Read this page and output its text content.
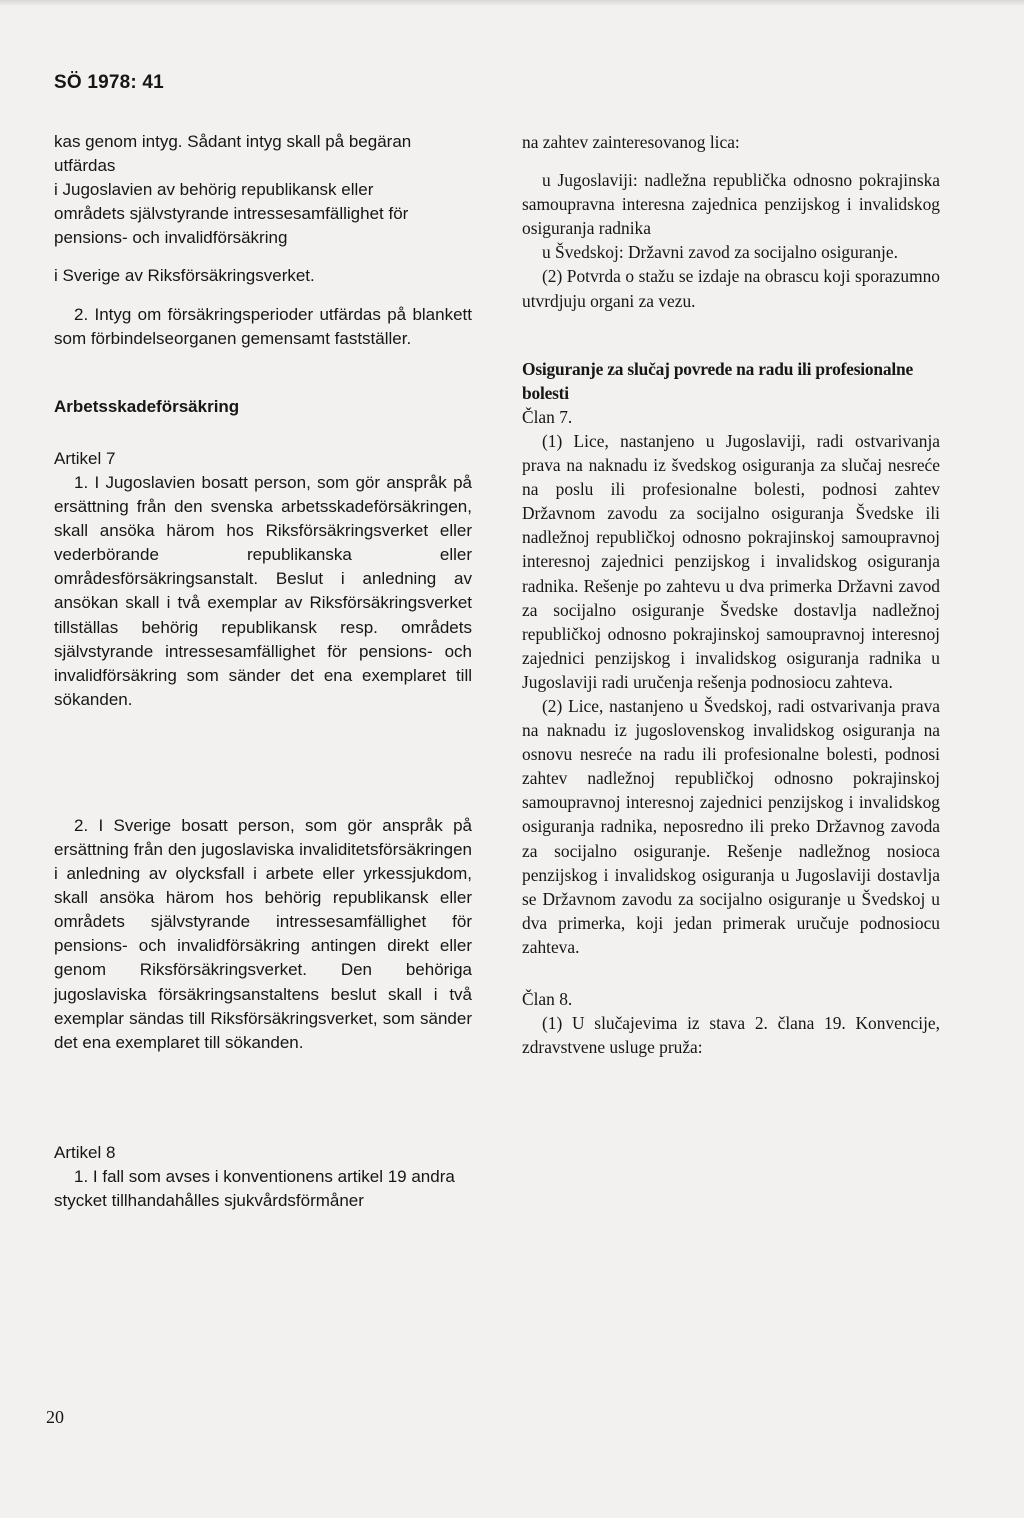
SÖ 1978: 41

kas genom intyg. Sådant intyg skall på begäran utfärdas

i Jugoslavien av behörig republikansk eller områdets självstyrande intressesamfällighet för pensions- och invalidförsäkring

i Sverige av Riksförsäkringsverket.

2. Intyg om försäkringsperioder utfärdas på blankett som förbindelseorganen gemensamt fastställer.

Arbetsskadeförsäkring

Artikel 7

1. I Jugoslavien bosatt person, som gör anspråk på ersättning från den svenska arbetsskadeförsäkringen, skall ansöka härom hos Riksförsäkringsverket eller vederbörande republikanska eller områdesförsäkringsanstalt. Beslut i anledning av ansökan skall i två exemplar av Riksförsäkringsverket tillställas behörig republikansk resp. områdets självstyrande intressesamfällighet för pensions- och invalidförsäkring som sänder det ena exemplaret till sökanden.

2. I Sverige bosatt person, som gör anspråk på ersättning från den jugoslaviska invaliditetsförsäkringen i anledning av olycksfall i arbete eller yrkessjukdom, skall ansöka härom hos behörig republikansk eller områdets självstyrande intressesamfällighet för pensions- och invalidförsäkring antingen direkt eller genom Riksförsäkringsverket. Den behöriga jugoslaviska försäkringsanstaltens beslut skall i två exemplar sändas till Riksförsäkringsverket, som sänder det ena exemplaret till sökanden.

Artikel 8

1. I fall som avses i konventionens artikel 19 andra stycket tillhandahålles sjukvårdsförmåner

na zahtev zainteresovanog lica:

u Jugoslaviji: nadležna republička odnosno pokrajinska samoupravna interesna zajednica penzijskog i invalidskog osiguranja radnika

u Švedskoj: Državni zavod za socijalno osiguranje.

(2) Potvrda o stažu se izdaje na obrascu koji sporazumno utvrdjuju organi za vezu.

Osiguranje za slučaj povrede na radu ili profesionalne bolesti

Član 7.

(1) Lice, nastanjeno u Jugoslaviji, radi ostvarivanja prava na naknadu iz švedskog osiguranja za slučaj nesreće na poslu ili profesionalne bolesti, podnosi zahtev Državnom zavodu za socijalno osiguranja Švedske ili nadležnoj republičkoj odnosno pokrajinskoj samoupravnoj interesnoj zajednici penzijskog i invalidskog osiguranja radnika. Rešenje po zahtevu u dva primerka Državni zavod za socijalno osiguranje Švedske dostavlja nadležnoj republičkoj odnosno pokrajinskoj samoupravnoj interesnoj zajednici penzijskog i invalidskog osiguranja radnika u Jugoslaviji radi uručenja rešenja podnosiocu zahteva.

(2) Lice, nastanjeno u Švedskoj, radi ostvarivanja prava na naknadu iz jugoslovenskog invalidskog osiguranja na osnovu nesreće na radu ili profesionalne bolesti, podnosi zahtev nadležnoj republičkoj odnosno pokrajinskoj samoupravnoj interesnoj zajednici penzijskog i invalidskog osiguranja radnika, neposredno ili preko Državnog zavoda za socijalno osiguranje. Rešenje nadležnog nosioca penzijskog i invalidskog osiguranja u Jugoslaviji dostavlja se Državnom zavodu za socijalno osiguranje u Švedskoj u dva primerka, koji jedan primerak uručuje podnosiocu zahteva.

Član 8.

(1) U slučajevima iz stava 2. člana 19. Konvencije, zdravstvene usluge pruža:

20
